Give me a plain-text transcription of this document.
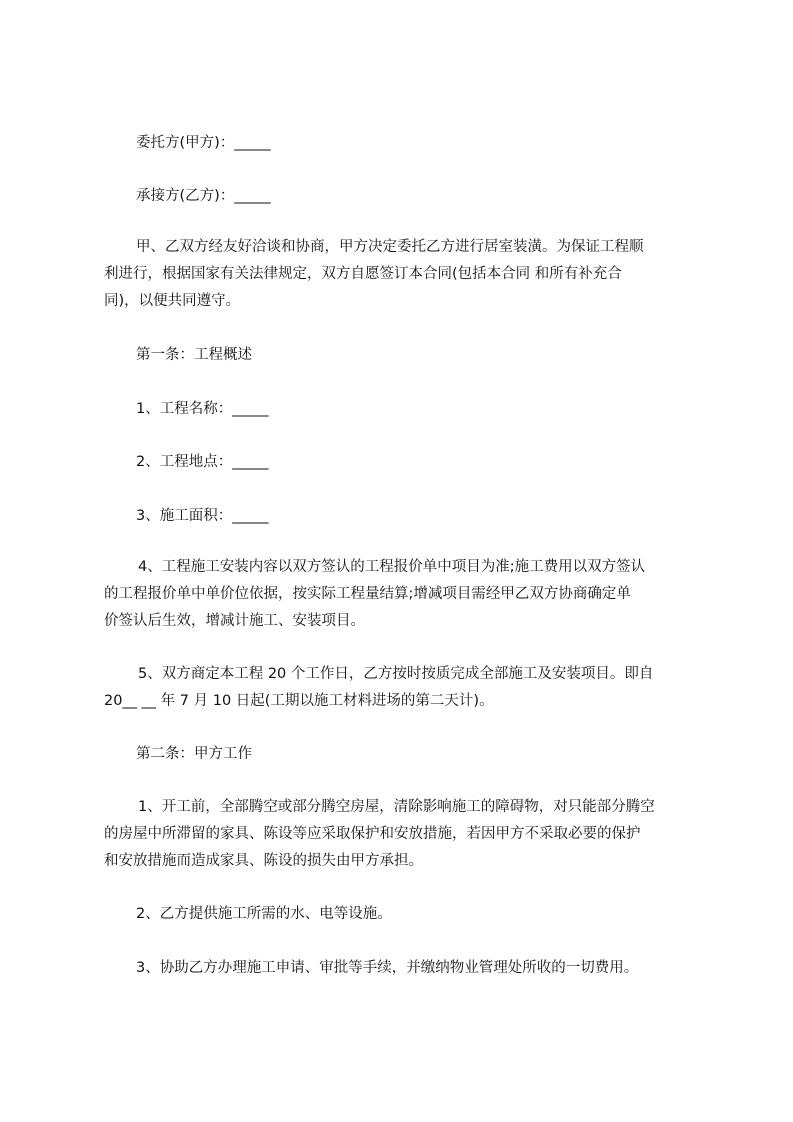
委托方(甲方)：_____

承接方(乙方)：_____

甲、乙双方经友好洽谈和协商，甲方决定委托乙方进行居室装潢。为保证工程顺

利进行，根据国家有关法律规定，双方自愿签订本合同(包括本合同 和所有补充合

同)，以便共同遵守。

第一条：工程概述

1、工程名称：_____

2、工程地点：_____

3、施工面积：_____

4、工程施工安装内容以双方签认的工程报价单中项目为准;施工费用以双方签认

的工程报价单中单价位依据，按实际工程量结算;增减项目需经甲乙双方协商确定单

价签认后生效，增减计施工、安装项目。

5、双方商定本工程 20 个工作日，乙方按时按质完成全部施工及安装项目。即自

20__ __ 年 7 月 10 日起(工期以施工材料进场的第二天计)。

第二条：甲方工作

1、开工前，全部腾空或部分腾空房屋，清除影响施工的障碍物，对只能部分腾空

的房屋中所滞留的家具、陈设等应采取保护和安放措施，若因甲方不采取必要的保护

和安放措施而造成家具、陈设的损失由甲方承担。

2、乙方提供施工所需的水、电等设施。

3、协助乙方办理施工申请、审批等手续，并缴纳物业管理处所收的一切费用。
